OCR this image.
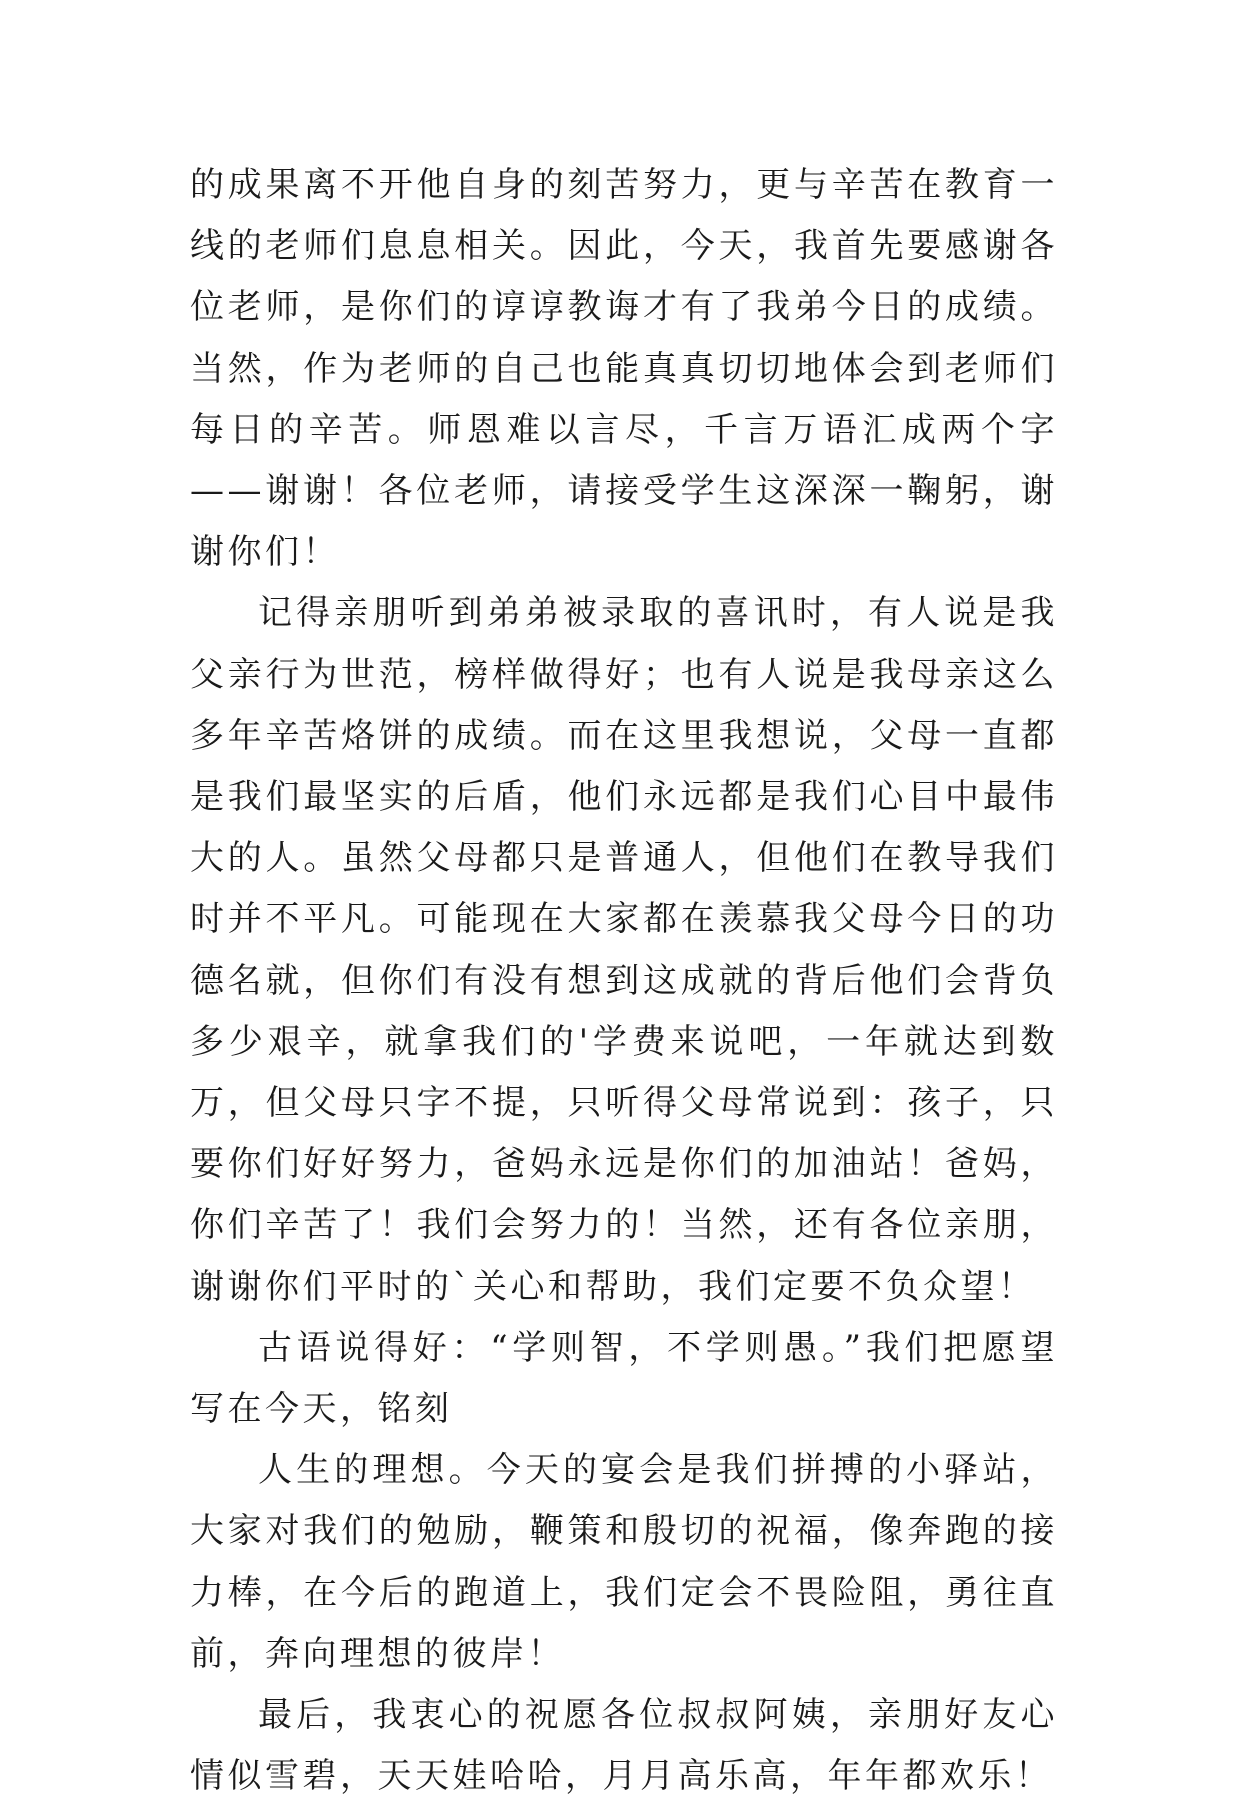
的成果离不开他自身的刻苦努力，更与辛苦在教育一线的老师们息息相关。因此，今天，我首先要感谢各位老师，是你们的谆谆教诲才有了我弟今日的成绩。当然，作为老师的自己也能真真切切地体会到老师们每日的辛苦。师恩难以言尽，千言万语汇成两个字——谢谢！各位老师，请接受学生这深深一鞠躬，谢谢你们！

记得亲朋听到弟弟被录取的喜讯时，有人说是我父亲行为世范，榜样做得好；也有人说是我母亲这么多年辛苦烙饼的成绩。而在这里我想说，父母一直都是我们最坚实的后盾，他们永远都是我们心目中最伟大的人。虽然父母都只是普通人，但他们在教导我们时并不平凡。可能现在大家都在羡慕我父母今日的功德名就，但你们有没有想到这成就的背后他们会背负多少艰辛，就拿我们的'学费来说吧，一年就达到数万，但父母只字不提，只听得父母常说到：孩子，只要你们好好努力，爸妈永远是你们的加油站！爸妈，你们辛苦了！我们会努力的！当然，还有各位亲朋，谢谢你们平时的`关心和帮助，我们定要不负众望！

古语说得好：“学则智，不学则愚。”我们把愿望写在今天，铭刻

人生的理想。今天的宴会是我们拼搏的小驿站，大家对我们的勉励，鞭策和殷切的祝福，像奔跑的接力棒，在今后的跑道上，我们定会不畏险阻，勇往直前，奔向理想的彼岸！

最后，我衷心的祝愿各位叔叔阿姨，亲朋好友心情似雪碧，天天娃哈哈，月月高乐高，年年都欢乐！
